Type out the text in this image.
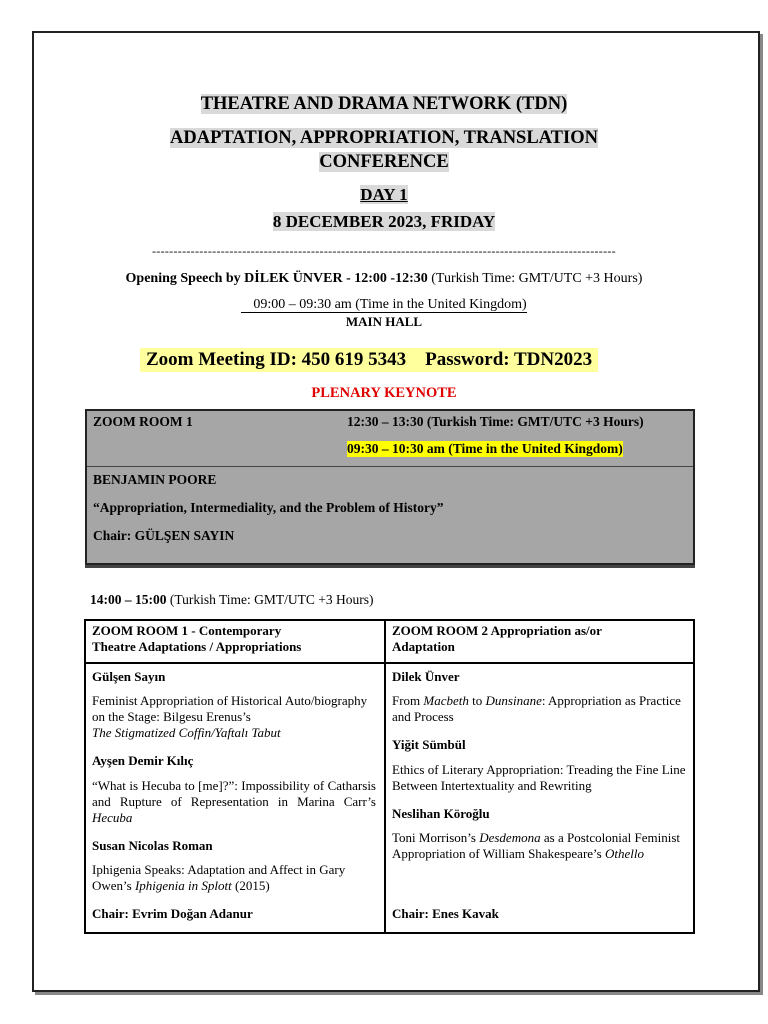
THEATRE AND DRAMA NETWORK (TDN)
ADAPTATION, APPROPRIATION, TRANSLATION
CONFERENCE
DAY 1
8 DECEMBER 2023, FRIDAY
------------------------------------------------------------------------------------------------------------
Opening Speech by DİLEK ÜNVER - 12:00 -12:30 (Turkish Time: GMT/UTC +3 Hours)
09:00 – 09:30 am (Time in the United Kingdom)
MAIN HALL
Zoom Meeting ID: 450 619 5343    Password: TDN2023
PLENARY KEYNOTE
ZOOM ROOM 1	12:30 – 13:30 (Turkish Time: GMT/UTC +3 Hours)
09:30 – 10:30 am (Time in the United Kingdom)
BENJAMIN POORE
“Appropriation, Intermediality, and the Problem of History”
Chair: GÜLŞEN SAYIN
14:00 – 15:00 (Turkish Time: GMT/UTC +3 Hours)
ZOOM ROOM 1 - Contemporary
Theatre Adaptations / Appropriations
ZOOM ROOM 2 Appropriation as/or
Adaptation
Gülşen Sayın
Feminist Appropriation of Historical Auto/biography on the Stage: Bilgesu Erenus’s
The Stigmatized Coffin/Yaftalı Tabut
Ayşen Demir Kılıç
“What is Hecuba to [me]?”: Impossibility of Catharsis and Rupture of Representation in Marina Carr’s Hecuba
Susan Nicolas Roman
Iphigenia Speaks: Adaptation and Affect in Gary Owen’s Iphigenia in Splott (2015)
Chair: Evrim Doğan Adanur
Dilek Ünver
From Macbeth to Dunsinane: Appropriation as Practice and Process
Yiğit Sümbül
Ethics of Literary Appropriation: Treading the Fine Line Between Intertextuality and Rewriting
Neslihan Köroğlu
Toni Morrison’s Desdemona as a Postcolonial Feminist Appropriation of William Shakespeare’s Othello
Chair: Enes Kavak
